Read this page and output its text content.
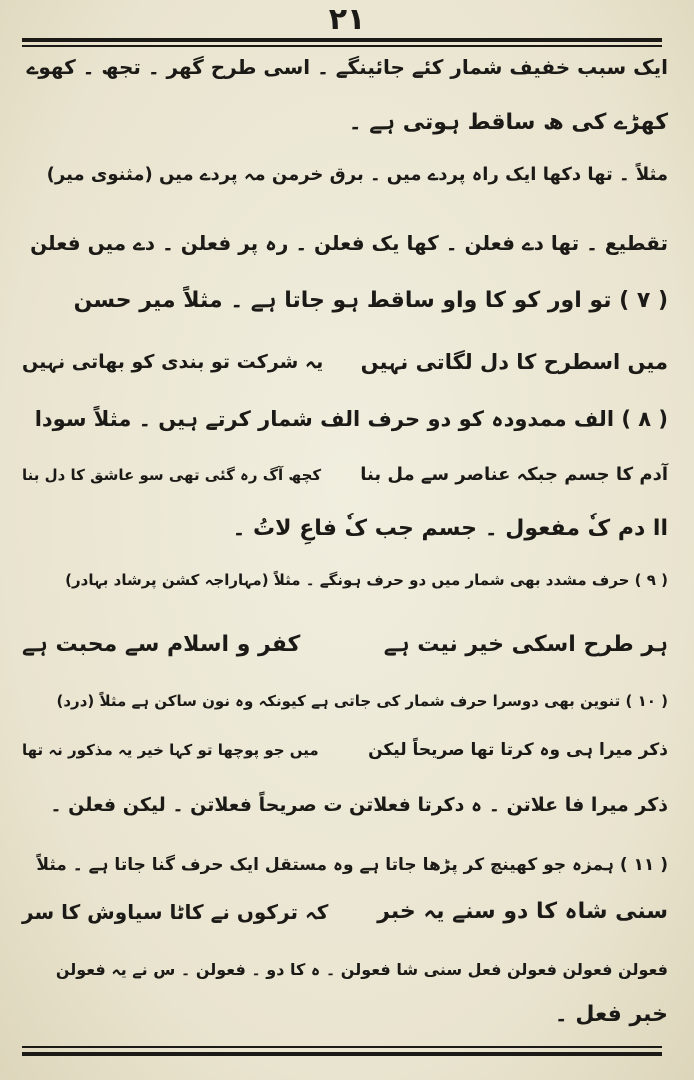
۲۱
ایک سبب خفیف شمار کئے جائینگے ۔ اسی طرح گھر ۔ تجھ ۔ کھوے
کھڑے کی ھ ساقط ہوتی ہے ۔
مثلاً ۔ تھا دکھا ایک راہ پردے میں ۔ برق خرمن مہ پردے میں (مثنوی میر)
تقطیع ۔ تھا دے فعلن ۔ کھا یک فعلن ۔ رہ پر فعلن ۔ دے میں فعلن
( ۷ ) تو اور کو کا واو ساقط ہو جاتا ہے ۔ مثلاً میر حسن
میں اسطرح کا دل لگاتی نہیں
یہ شرکت تو بندی کو بھاتی نہیں
( ۸ ) الف ممدودہ کو دو حرف الف شمار کرتے ہیں ۔ مثلاً سودا
آدم کا جسم جبکہ عناصر سے مل بنا
کچھ آگ رہ گئی تھی سو عاشق کا دل بنا
اا دم کٗ مفعول ۔ جسم جب کٗ فاعِ لاتُ ۔
( ۹ ) حرف مشدد بھی شمار میں دو حرف ہونگے ۔ مثلاً (مہاراجہ کشن پرشاد بہادر)
ہر طرح اسکی خیر نیت ہے
کفر و اسلام سے محبت ہے
( ۱۰ ) تنوین بھی دوسرا حرف شمار کی جاتی ہے کیونکہ وہ نون ساکن ہے مثلاً (درد)
ذکر میرا ہی وہ کرتا تھا صریحاً لیکن
میں جو پوچھا تو کہا خیر یہ مذکور نہ تھا
ذکر میرا فا علاتن ۔ ہ دکرتا فعلاتن ت صریحاً فعلاتن ۔ لیکن فعلن ۔
( ۱۱ ) ہمزہ جو کھینچ کر پڑھا جاتا ہے وہ مستقل ایک حرف گنا جاتا ہے ۔ مثلاً
سنی شاہ کا دو سنے یہ خبر
کہ ترکوں نے کاٹا سیاوش کا سر
فعولن فعولن فعولن فعل سنی شا فعولن ۔ ہ کا دو ۔ فعولن ۔ س نے یہ فعولن
خبر فعل ۔
